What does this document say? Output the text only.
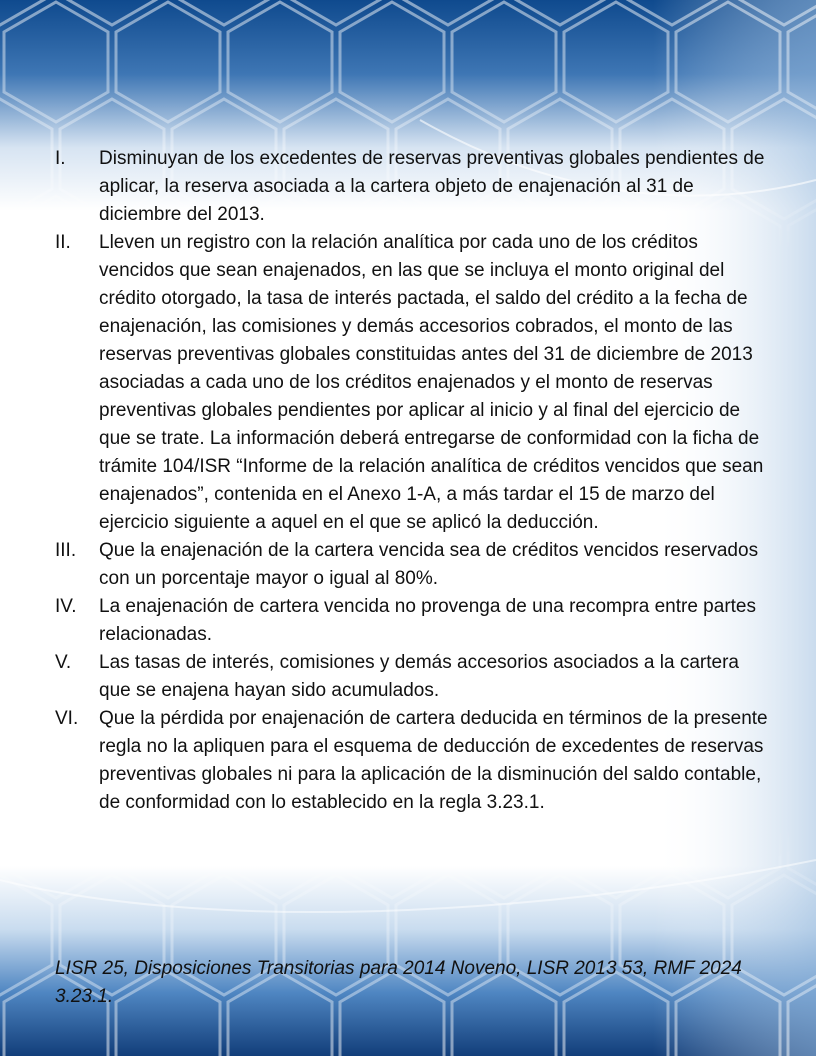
I.	Disminuyan de los excedentes de reservas preventivas globales pendientes de aplicar, la reserva asociada a la cartera objeto de enajenación al 31 de diciembre del 2013.
II.	Lleven un registro con la relación analítica por cada uno de los créditos vencidos que sean enajenados, en las que se incluya el monto original del crédito otorgado, la tasa de interés pactada, el saldo del crédito a la fecha de enajenación, las comisiones y demás accesorios cobrados, el monto de las reservas preventivas globales constituidas antes del 31 de diciembre de 2013 asociadas a cada uno de los créditos enajenados y el monto de reservas preventivas globales pendientes por aplicar al inicio y al final del ejercicio de que se trate. La información deberá entregarse de conformidad con la ficha de trámite 104/ISR “Informe de la relación analítica de créditos vencidos que sean enajenados”, contenida en el Anexo 1-A, a más tardar el 15 de marzo del ejercicio siguiente a aquel en el que se aplicó la deducción.
III.	Que la enajenación de la cartera vencida sea de créditos vencidos reservados con un porcentaje mayor o igual al 80%.
IV.	La enajenación de cartera vencida no provenga de una recompra entre partes relacionadas.
V.	Las tasas de interés, comisiones y demás accesorios asociados a la cartera que se enajena hayan sido acumulados.
VI.	Que la pérdida por enajenación de cartera deducida en términos de la presente regla no la apliquen para el esquema de deducción de excedentes de reservas preventivas globales ni para la aplicación de la disminución del saldo contable, de conformidad con lo establecido en la regla 3.23.1.
LISR 25, Disposiciones Transitorias para 2014 Noveno, LISR 2013 53, RMF 2024 3.23.1.
